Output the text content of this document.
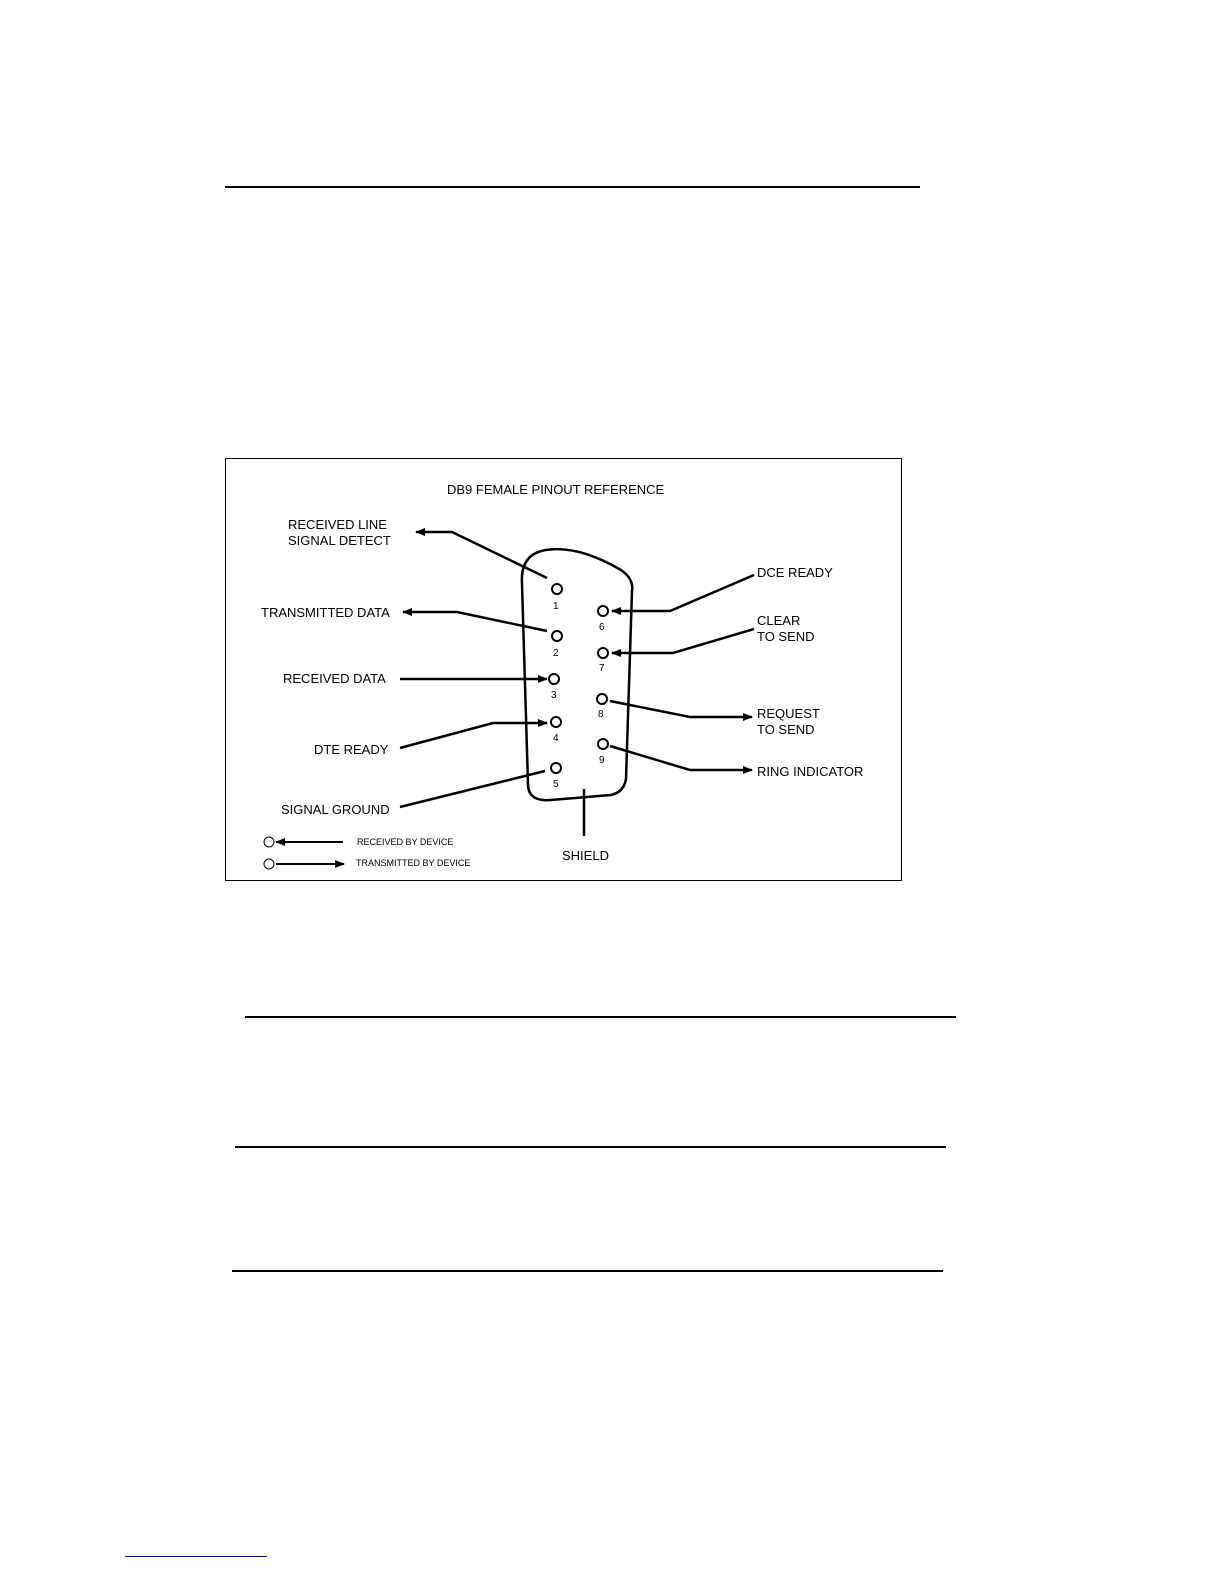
DB9 FEMALE PINOUT REFERENCE
SHIELD
1
2
3
4
5
6
7
8
9
RECEIVED LINE
SIGNAL DETECT
TRANSMITTED DATA
RECEIVED DATA
DTE READY
SIGNAL GROUND
DCE READY
CLEAR
TO SEND
REQUEST
TO SEND
RING INDICATOR
RECEIVED BY DEVICE
TRANSMITTED BY DEVICE
